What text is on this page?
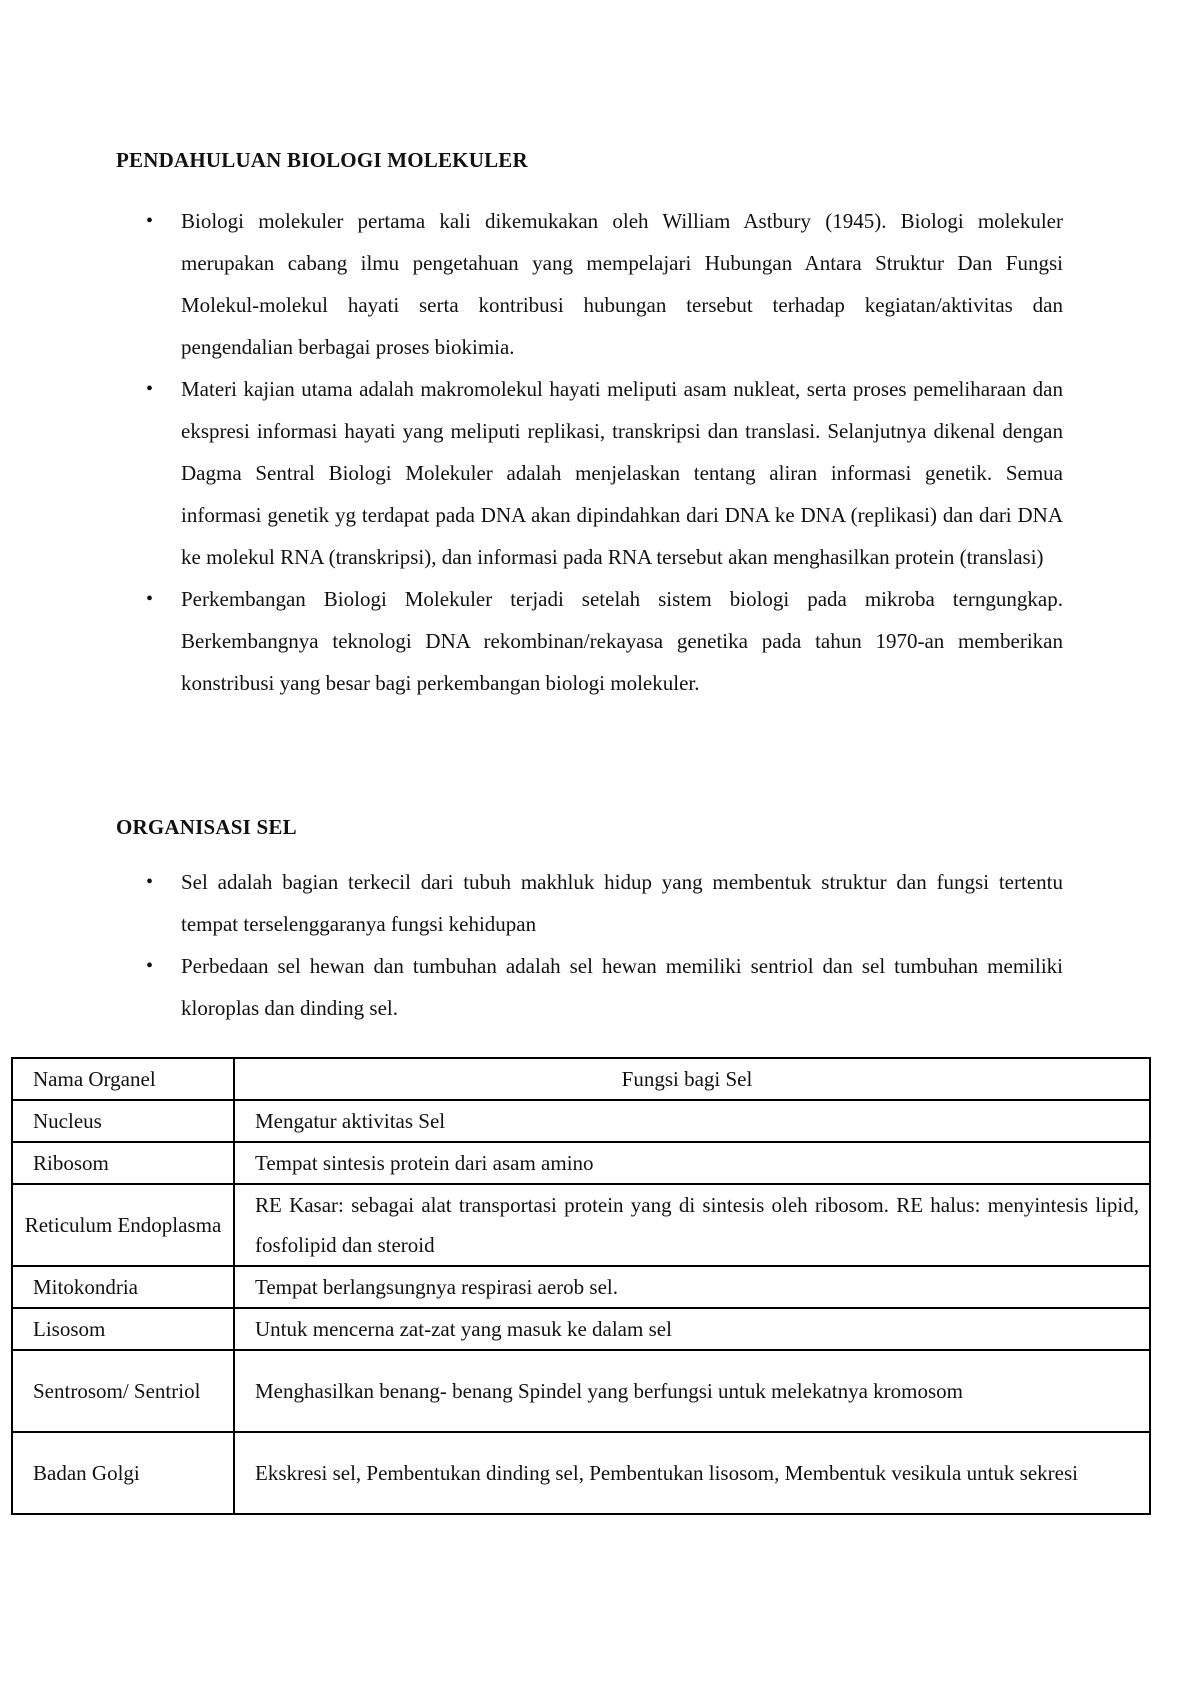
PENDAHULUAN BIOLOGI MOLEKULER
• Biologi molekuler pertama kali dikemukakan oleh William Astbury (1945). Biologi molekuler merupakan cabang ilmu pengetahuan yang mempelajari Hubungan Antara Struktur Dan Fungsi Molekul-molekul hayati serta kontribusi hubungan tersebut terhadap kegiatan/aktivitas dan pengendalian berbagai proses biokimia.
• Materi kajian utama adalah makromolekul hayati meliputi asam nukleat, serta proses pemeliharaan dan ekspresi informasi hayati yang meliputi replikasi, transkripsi dan translasi. Selanjutnya dikenal dengan Dagma Sentral Biologi Molekuler adalah menjelaskan tentang aliran informasi genetik. Semua informasi genetik yg terdapat pada DNA akan dipindahkan dari DNA ke DNA (replikasi) dan dari DNA ke molekul RNA (transkripsi), dan informasi pada RNA tersebut akan menghasilkan protein (translasi)
• Perkembangan Biologi Molekuler terjadi setelah sistem biologi pada mikroba terngungkap. Berkembangnya teknologi DNA rekombinan/rekayasa genetika pada tahun 1970-an memberikan konstribusi yang besar bagi perkembangan biologi molekuler.
ORGANISASI SEL
• Sel adalah bagian terkecil dari tubuh makhluk hidup yang membentuk struktur dan fungsi tertentu tempat terselenggaranya fungsi kehidupan
• Perbedaan sel hewan dan tumbuhan adalah sel hewan memiliki sentriol dan sel tumbuhan memiliki kloroplas dan dinding sel.
Nama Organel	Fungsi bagi Sel
Nucleus	Mengatur aktivitas Sel
Ribosom	Tempat sintesis protein dari asam amino
Reticulum Endoplasma	RE Kasar: sebagai alat transportasi protein yang di sintesis oleh ribosom. RE halus: menyintesis lipid, fosfolipid dan steroid
Mitokondria	Tempat berlangsungnya respirasi aerob sel.
Lisosom	Untuk mencerna zat-zat yang masuk ke dalam sel
Sentrosom/ Sentriol	Menghasilkan benang- benang Spindel yang berfungsi untuk melekatnya kromosom
Badan Golgi	Ekskresi sel, Pembentukan dinding sel, Pembentukan lisosom, Membentuk vesikula untuk sekresi
